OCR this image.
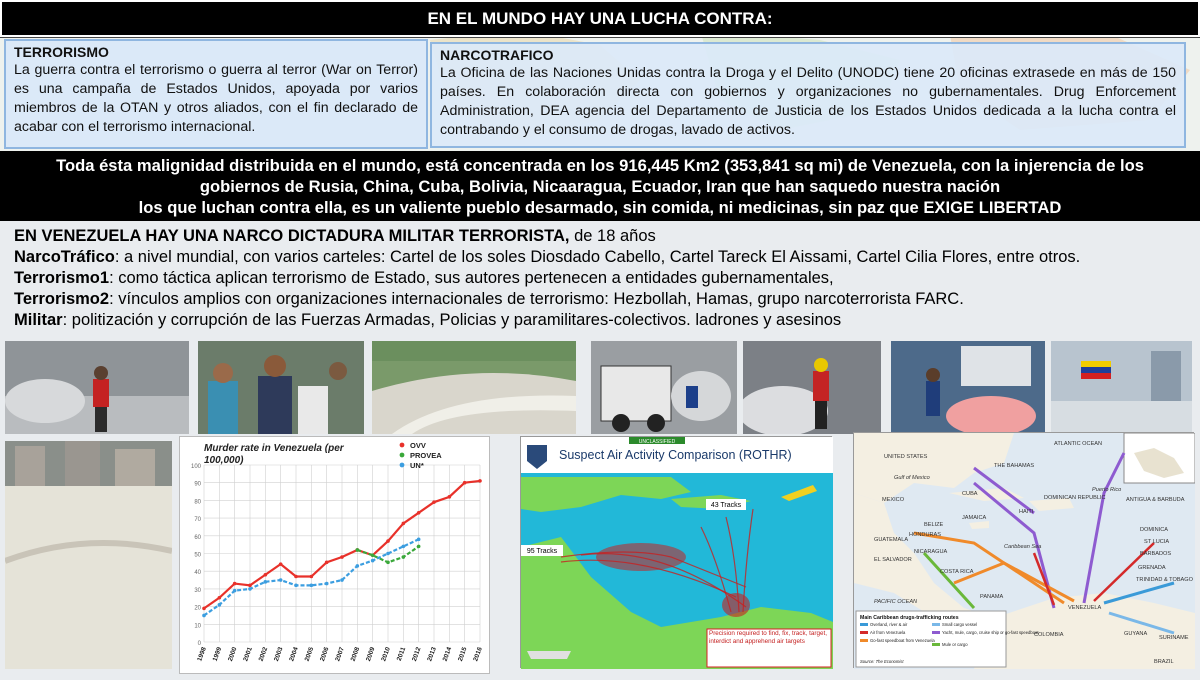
EN EL MUNDO HAY UNA LUCHA CONTRA:
TERRORISMO

La guerra contra el terrorismo o guerra al terror (War on Terror) es una campaña de Estados Unidos, apoyada por varios miembros de la OTAN y otros aliados, con el fin declarado de acabar con el terrorismo internacional.

NARCOTRAFICO

La Oficina de las Naciones Unidas contra la Droga y el Delito (UNODC) tiene 20 oficinas extrasede en más de 150 países. En colaboración directa con gobiernos y organizaciones no gubernamentales. Drug Enforcement Administration, DEA agencia del Departamento de Justicia de los Estados Unidos dedicada a la lucha contra el contrabando y el consumo de drogas, lavado de activos.

Toda ésta malignidad distribuida en el mundo, está concentrada en los 916,445 Km2 (353,841 sq mi) de Venezuela, con la injerencia de los
gobiernos de Rusia, China, Cuba, Bolivia, Nicaaragua, Ecuador, Iran que han saquedo nuestra nación
los que luchan contra ella, es un valiente pueblo desarmado, sin comida, ni medicinas, sin paz que EXIGE LIBERTAD
EN VENEZUELA HAY UNA NARCO DICTADURA MILITAR TERRORISTA, de 18 años
NarcoTráfico: a nivel mundial, con varios carteles: Cartel de los soles Diosdado Cabello, Cartel Tareck El Aissami, Cartel Cilia Flores, entre otros.
Terrorismo1: como táctica aplican terrorismo de Estado, sus autores pertenecen a entidades gubernamentales,
Terrorismo2: vínculos amplios con organizaciones internacionales de terrorismo: Hezbollah, Hamas, grupo narcoterrorista FARC.
Militar: politización y corrupción de las Fuerzas Armadas, Policias y paramilitares-colectivos. ladrones y asesinos
Murder rate in Venezuela (per
100,000)
0
10
20
30
40
50
60
70
80
90
100
1998 1999 2000 2001 2002 2003 2004 2005 2006 2007 2008 2009 2010 2011 2012 2013 2014 2015 2016
OVV
PROVEA
UN*
UNCLASSIFIED
Suspect Air Activity Comparison (ROTHR)
43 Tracks
95 Tracks
Precision required to find, fix, track, target, interdict and apprehend air targets
UNITED STATES
ATLANTIC OCEAN
Gulf of Mexico
THE BAHAMAS
MEXICO
CUBA
HAITI
DOMINICAN REPUBLIC
Puerto Rico
ANTIGUA & BARBUDA
BELIZE
JAMAICA
DOMINICA
ST LUCIA
GUATEMALA
HONDURAS
Caribbean Sea
BARBADOS
EL SALVADOR
NICARAGUA
GRENADA
COSTA RICA
TRINIDAD & TOBAGO
PANAMA
VENEZUELA
PACIFIC OCEAN
COLOMBIA	GUYANA
SURINAME
BRAZIL
Main Caribbean drugs-trafficking routes
Overland, river & air
Air from Venezuela
Go-fast speedboat from Venezuela
Small cargo vessel
Yacht, mule, cargo, cruise ship or go-fast speedboat
Mule or cargo
Source: The Economist
